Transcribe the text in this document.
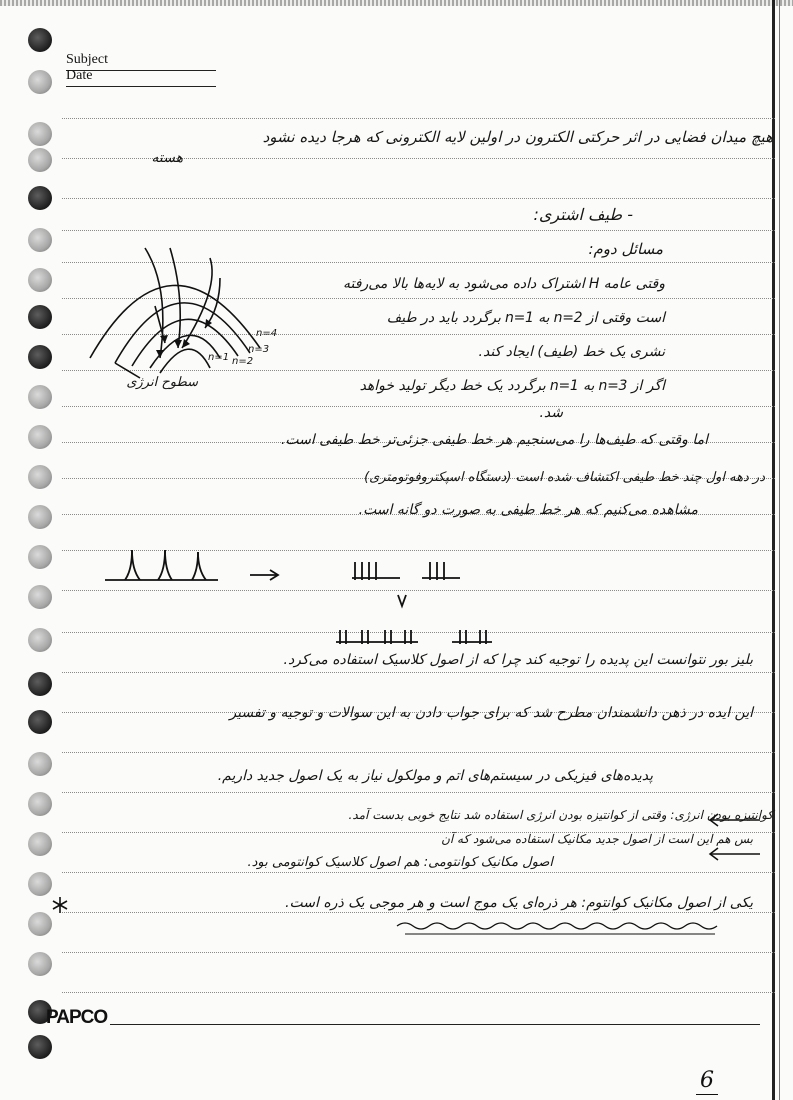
Subject
Date
هیچ میدان فضایی در اثر حرکتی الکترون در اولین لایه الکترونی که هرجا دیده نشود
هسته
- طیف اشتری:
مسائل دوم:
وقتی عامه H اشتراک داده می‌شود به لایه‌ها بالا می‌رفته
است وقتی از n=2 به n=1 برگردد باید در طیف
نشری یک خط (طیف) ایجاد کند.
اگر از n=3 به n=1 برگردد یک خط دیگر تولید خواهد
شد.
اما وقتی که طیف‌ها را می‌سنجیم هر خط طیفی جزئی‌تر خط طیفی است.
در دهه اول چند خط طیفی اکتشاف شده است (دستگاه اسپکتروفوتومتری)
مشاهده می‌کنیم که هر خط طیفی به صورت دو گانه است.
بلیز بور نتوانست این پدیده را توجیه کند چرا که از اصول کلاسیک استفاده می‌کرد.
این ایده در ذهن دانشمندان مطرح شد که برای جواب دادن به این سوالات و توجیه و تفسیر
پدیده‌های فیزیکی در سیستم‌های اتم و مولکول نیاز به یک اصول جدید داریم.
کوانتیزه بودن انرژی: وقتی از کوانتیزه بودن انرژی استفاده شد نتایج خوبی بدست آمد.
بس هم این است از اصول جدید مکانیک استفاده می‌شود که آن
اصول مکانیک کوانتومی: هم اصول کلاسیک کوانتومی بود.
یکی از اصول مکانیک کوانتوم: هر ذره‌ای یک موج است و هر موجی یک ذره است.
n=1 n=2
n=3
n=4
سطوح انرژی
PAPCO
6
